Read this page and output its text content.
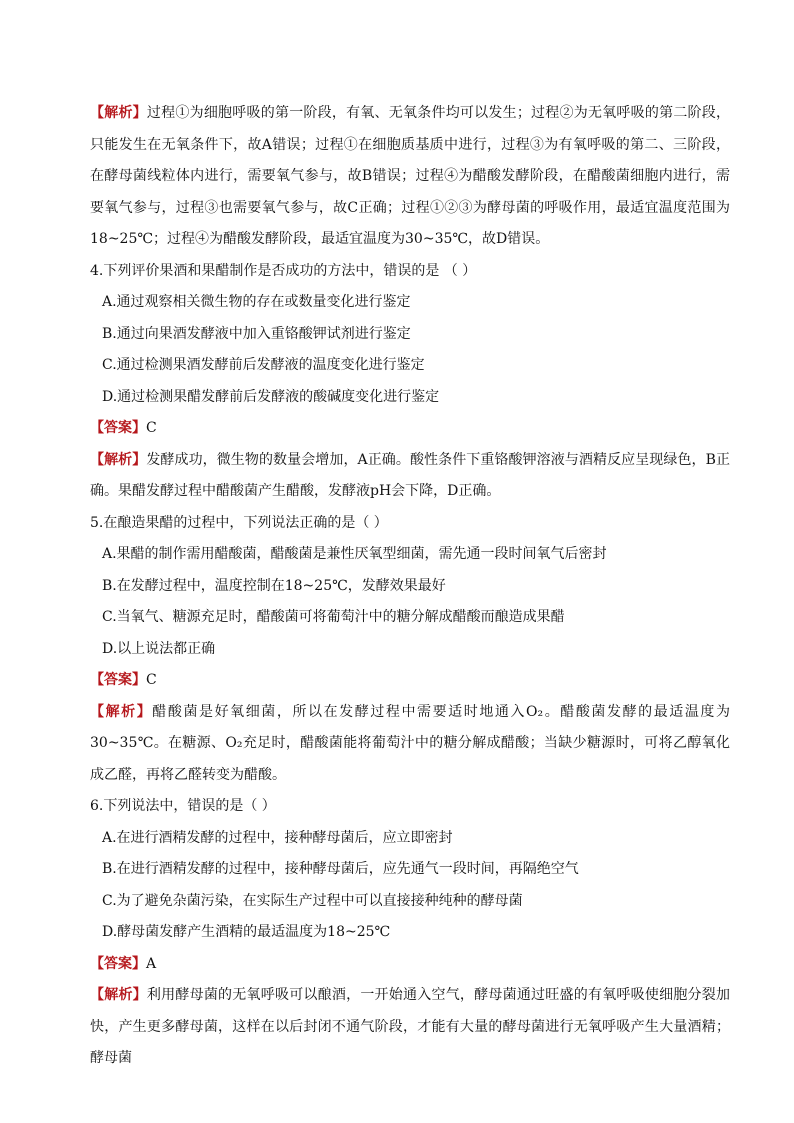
【解析】过程①为细胞呼吸的第一阶段，有氧、无氧条件均可以发生；过程②为无氧呼吸的第二阶段，只能发生在无氧条件下，故A错误；过程①在细胞质基质中进行，过程③为有氧呼吸的第二、三阶段，在酵母菌线粒体内进行，需要氧气参与，故B错误；过程④为醋酸发酵阶段，在醋酸菌细胞内进行，需要氧气参与，过程③也需要氧气参与，故C正确；过程①②③为酵母菌的呼吸作用，最适宜温度范围为18~25℃；过程④为醋酸发酵阶段，最适宜温度为30~35℃，故D错误。

4.下列评价果酒和果醋制作是否成功的方法中，错误的是 （ ）

A.通过观察相关微生物的存在或数量变化进行鉴定

B.通过向果酒发酵液中加入重铬酸钾试剂进行鉴定

C.通过检测果酒发酵前后发酵液的温度变化进行鉴定

D.通过检测果醋发酵前后发酵液的酸碱度变化进行鉴定

【答案】C

【解析】发酵成功，微生物的数量会增加，A正确。酸性条件下重铬酸钾溶液与酒精反应呈现绿色，B正确。果醋发酵过程中醋酸菌产生醋酸，发酵液pH会下降，D正确。

5.在酿造果醋的过程中，下列说法正确的是（ ）

A.果醋的制作需用醋酸菌，醋酸菌是兼性厌氧型细菌，需先通一段时间氧气后密封

B.在发酵过程中，温度控制在18~25℃，发酵效果最好

C.当氧气、糖源充足时，醋酸菌可将葡萄汁中的糖分解成醋酸而酿造成果醋

D.以上说法都正确

【答案】C

【解析】醋酸菌是好氧细菌，所以在发酵过程中需要适时地通入O₂。醋酸菌发酵的最适温度为30~35℃。在糖源、O₂充足时，醋酸菌能将葡萄汁中的糖分解成醋酸；当缺少糖源时，可将乙醇氧化成乙醛，再将乙醛转变为醋酸。

6.下列说法中，错误的是（ ）

A.在进行酒精发酵的过程中，接种酵母菌后，应立即密封

B.在进行酒精发酵的过程中，接种酵母菌后，应先通气一段时间，再隔绝空气

C.为了避免杂菌污染，在实际生产过程中可以直接接种纯种的酵母菌

D.酵母菌发酵产生酒精的最适温度为18~25℃

【答案】A

【解析】利用酵母菌的无氧呼吸可以酿酒，一开始通入空气，酵母菌通过旺盛的有氧呼吸使细胞分裂加快，产生更多酵母菌，这样在以后封闭不通气阶段，才能有大量的酵母菌进行无氧呼吸产生大量酒精；酵母菌
